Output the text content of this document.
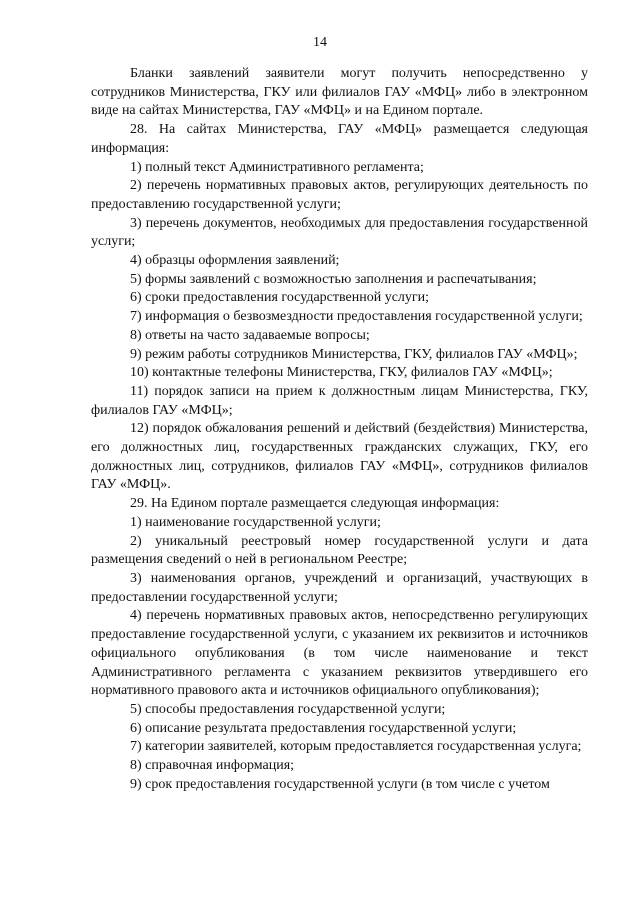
14

Бланки заявлений заявители могут получить непосредственно у сотрудников Министерства, ГКУ или филиалов ГАУ «МФЦ» либо в электронном виде на сайтах Министерства, ГАУ «МФЦ» и на Едином портале.

28. На сайтах Министерства, ГАУ «МФЦ» размещается следующая информация:

1) полный текст Административного регламента;

2) перечень нормативных правовых актов, регулирующих деятельность по предоставлению государственной услуги;

3) перечень документов, необходимых для предоставления государственной услуги;

4) образцы оформления заявлений;

5) формы заявлений с возможностью заполнения и распечатывания;

6) сроки предоставления государственной услуги;

7) информация о безвозмездности предоставления государственной услуги;

8) ответы на часто задаваемые вопросы;

9) режим работы сотрудников Министерства, ГКУ, филиалов ГАУ «МФЦ»;

10) контактные телефоны Министерства, ГКУ, филиалов ГАУ «МФЦ»;

11) порядок записи на прием к должностным лицам Министерства, ГКУ, филиалов ГАУ «МФЦ»;

12) порядок обжалования решений и действий (бездействия) Министерства, его должностных лиц, государственных гражданских служащих, ГКУ, его должностных лиц, сотрудников, филиалов ГАУ «МФЦ», сотрудников филиалов ГАУ «МФЦ».

29. На Едином портале размещается следующая информация:

1) наименование государственной услуги;

2) уникальный реестровый номер государственной услуги и дата размещения сведений о ней в региональном Реестре;

3) наименования органов, учреждений и организаций, участвующих в предоставлении государственной услуги;

4) перечень нормативных правовых актов, непосредственно регулирующих предоставление государственной услуги, с указанием их реквизитов и источников официального опубликования (в том числе наименование и текст Административного регламента с указанием реквизитов утвердившего его нормативного правового акта и источников официального опубликования);

5) способы предоставления государственной услуги;

6) описание результата предоставления государственной услуги;

7) категории заявителей, которым предоставляется государственная услуга;

8) справочная информация;

9) срок предоставления государственной услуги (в том числе с учетом
